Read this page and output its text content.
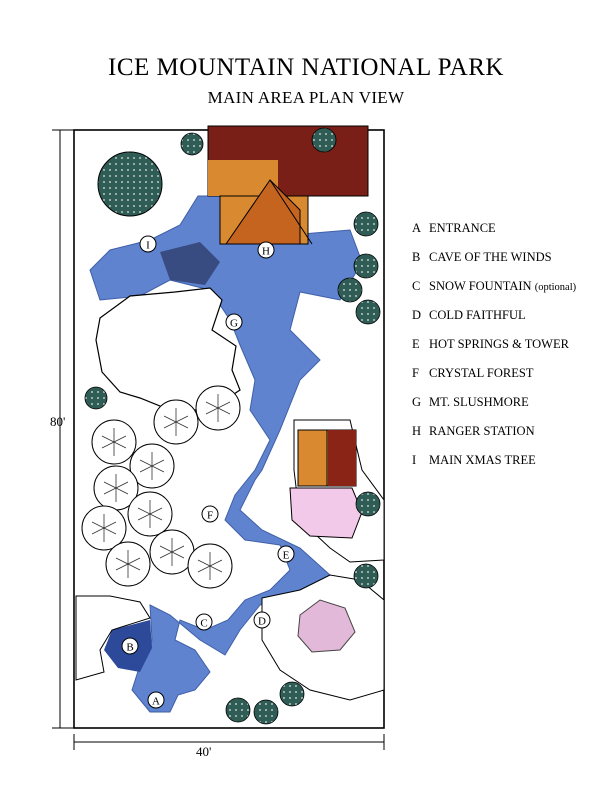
ICE MOUNTAIN NATIONAL PARK
MAIN AREA PLAN VIEW
I	H
G
F
E
D
C
B
A
80'
40'
A ENTRANCE
B CAVE OF THE WINDS
C SNOW FOUNTAIN (optional)
D COLD FAITHFUL
E HOT SPRINGS & TOWER
F CRYSTAL FOREST
G MT. SLUSHMORE
H RANGER STATION
I MAIN XMAS TREE
